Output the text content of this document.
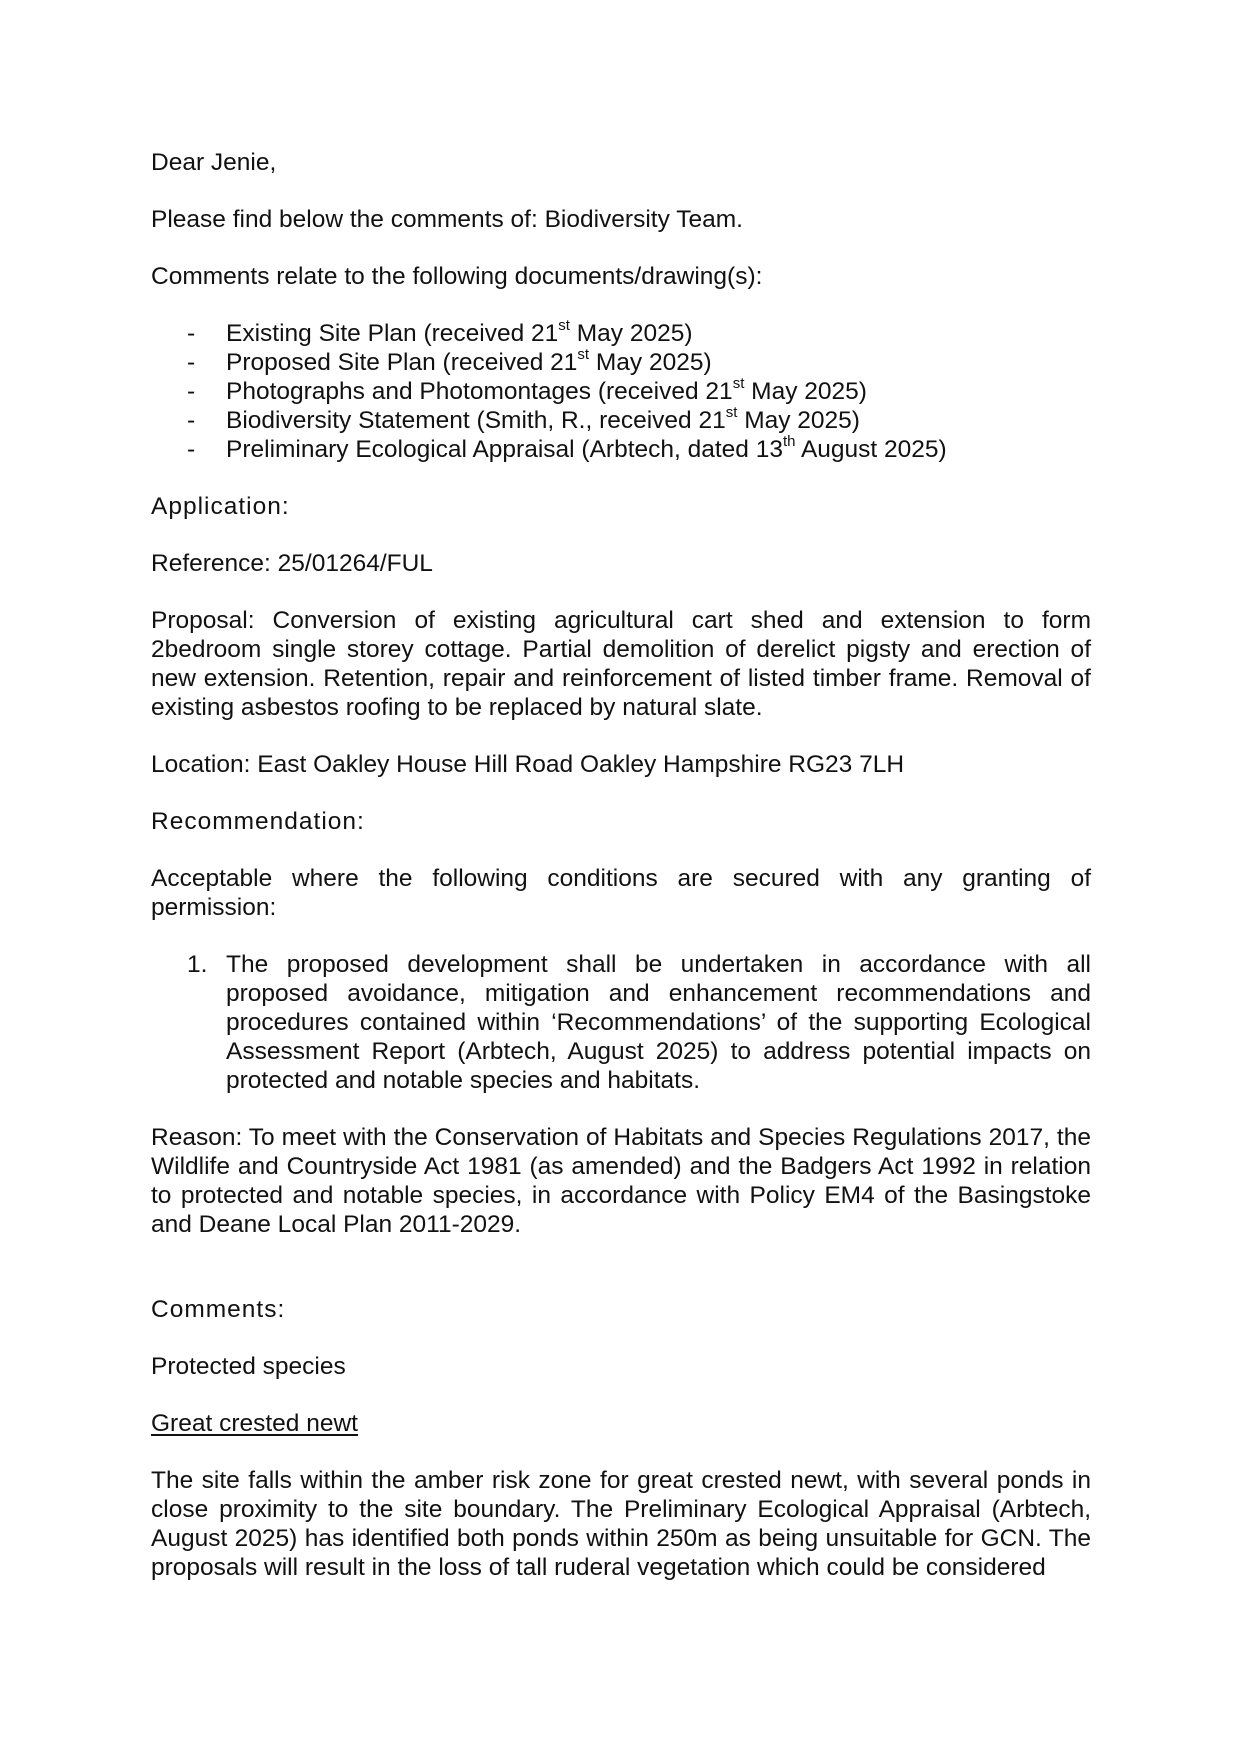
Dear Jenie,

Please find below the comments of: Biodiversity Team.

Comments relate to the following documents/drawing(s):

- Existing Site Plan (received 21st May 2025)
- Proposed Site Plan (received 21st May 2025)
- Photographs and Photomontages (received 21st May 2025)
- Biodiversity Statement (Smith, R., received 21st May 2025)
- Preliminary Ecological Appraisal (Arbtech, dated 13th August 2025)

Application:

Reference: 25/01264/FUL

Proposal: Conversion of existing agricultural cart shed and extension to form 2bedroom single storey cottage. Partial demolition of derelict pigsty and erection of new extension. Retention, repair and reinforcement of listed timber frame. Removal of existing asbestos roofing to be replaced by natural slate.

Location: East Oakley House Hill Road Oakley Hampshire RG23 7LH

Recommendation:

Acceptable where the following conditions are secured with any granting of permission:

1. The proposed development shall be undertaken in accordance with all proposed avoidance, mitigation and enhancement recommendations and procedures contained within ‘Recommendations’ of the supporting Ecological Assessment Report (Arbtech, August 2025) to address potential impacts on protected and notable species and habitats.

Reason: To meet with the Conservation of Habitats and Species Regulations 2017, the Wildlife and Countryside Act 1981 (as amended) and the Badgers Act 1992 in relation to protected and notable species, in accordance with Policy EM4 of the Basingstoke and Deane Local Plan 2011-2029.

Comments:

Protected species

Great crested newt

The site falls within the amber risk zone for great crested newt, with several ponds in close proximity to the site boundary. The Preliminary Ecological Appraisal (Arbtech, August 2025) has identified both ponds within 250m as being unsuitable for GCN. The proposals will result in the loss of tall ruderal vegetation which could be considered
